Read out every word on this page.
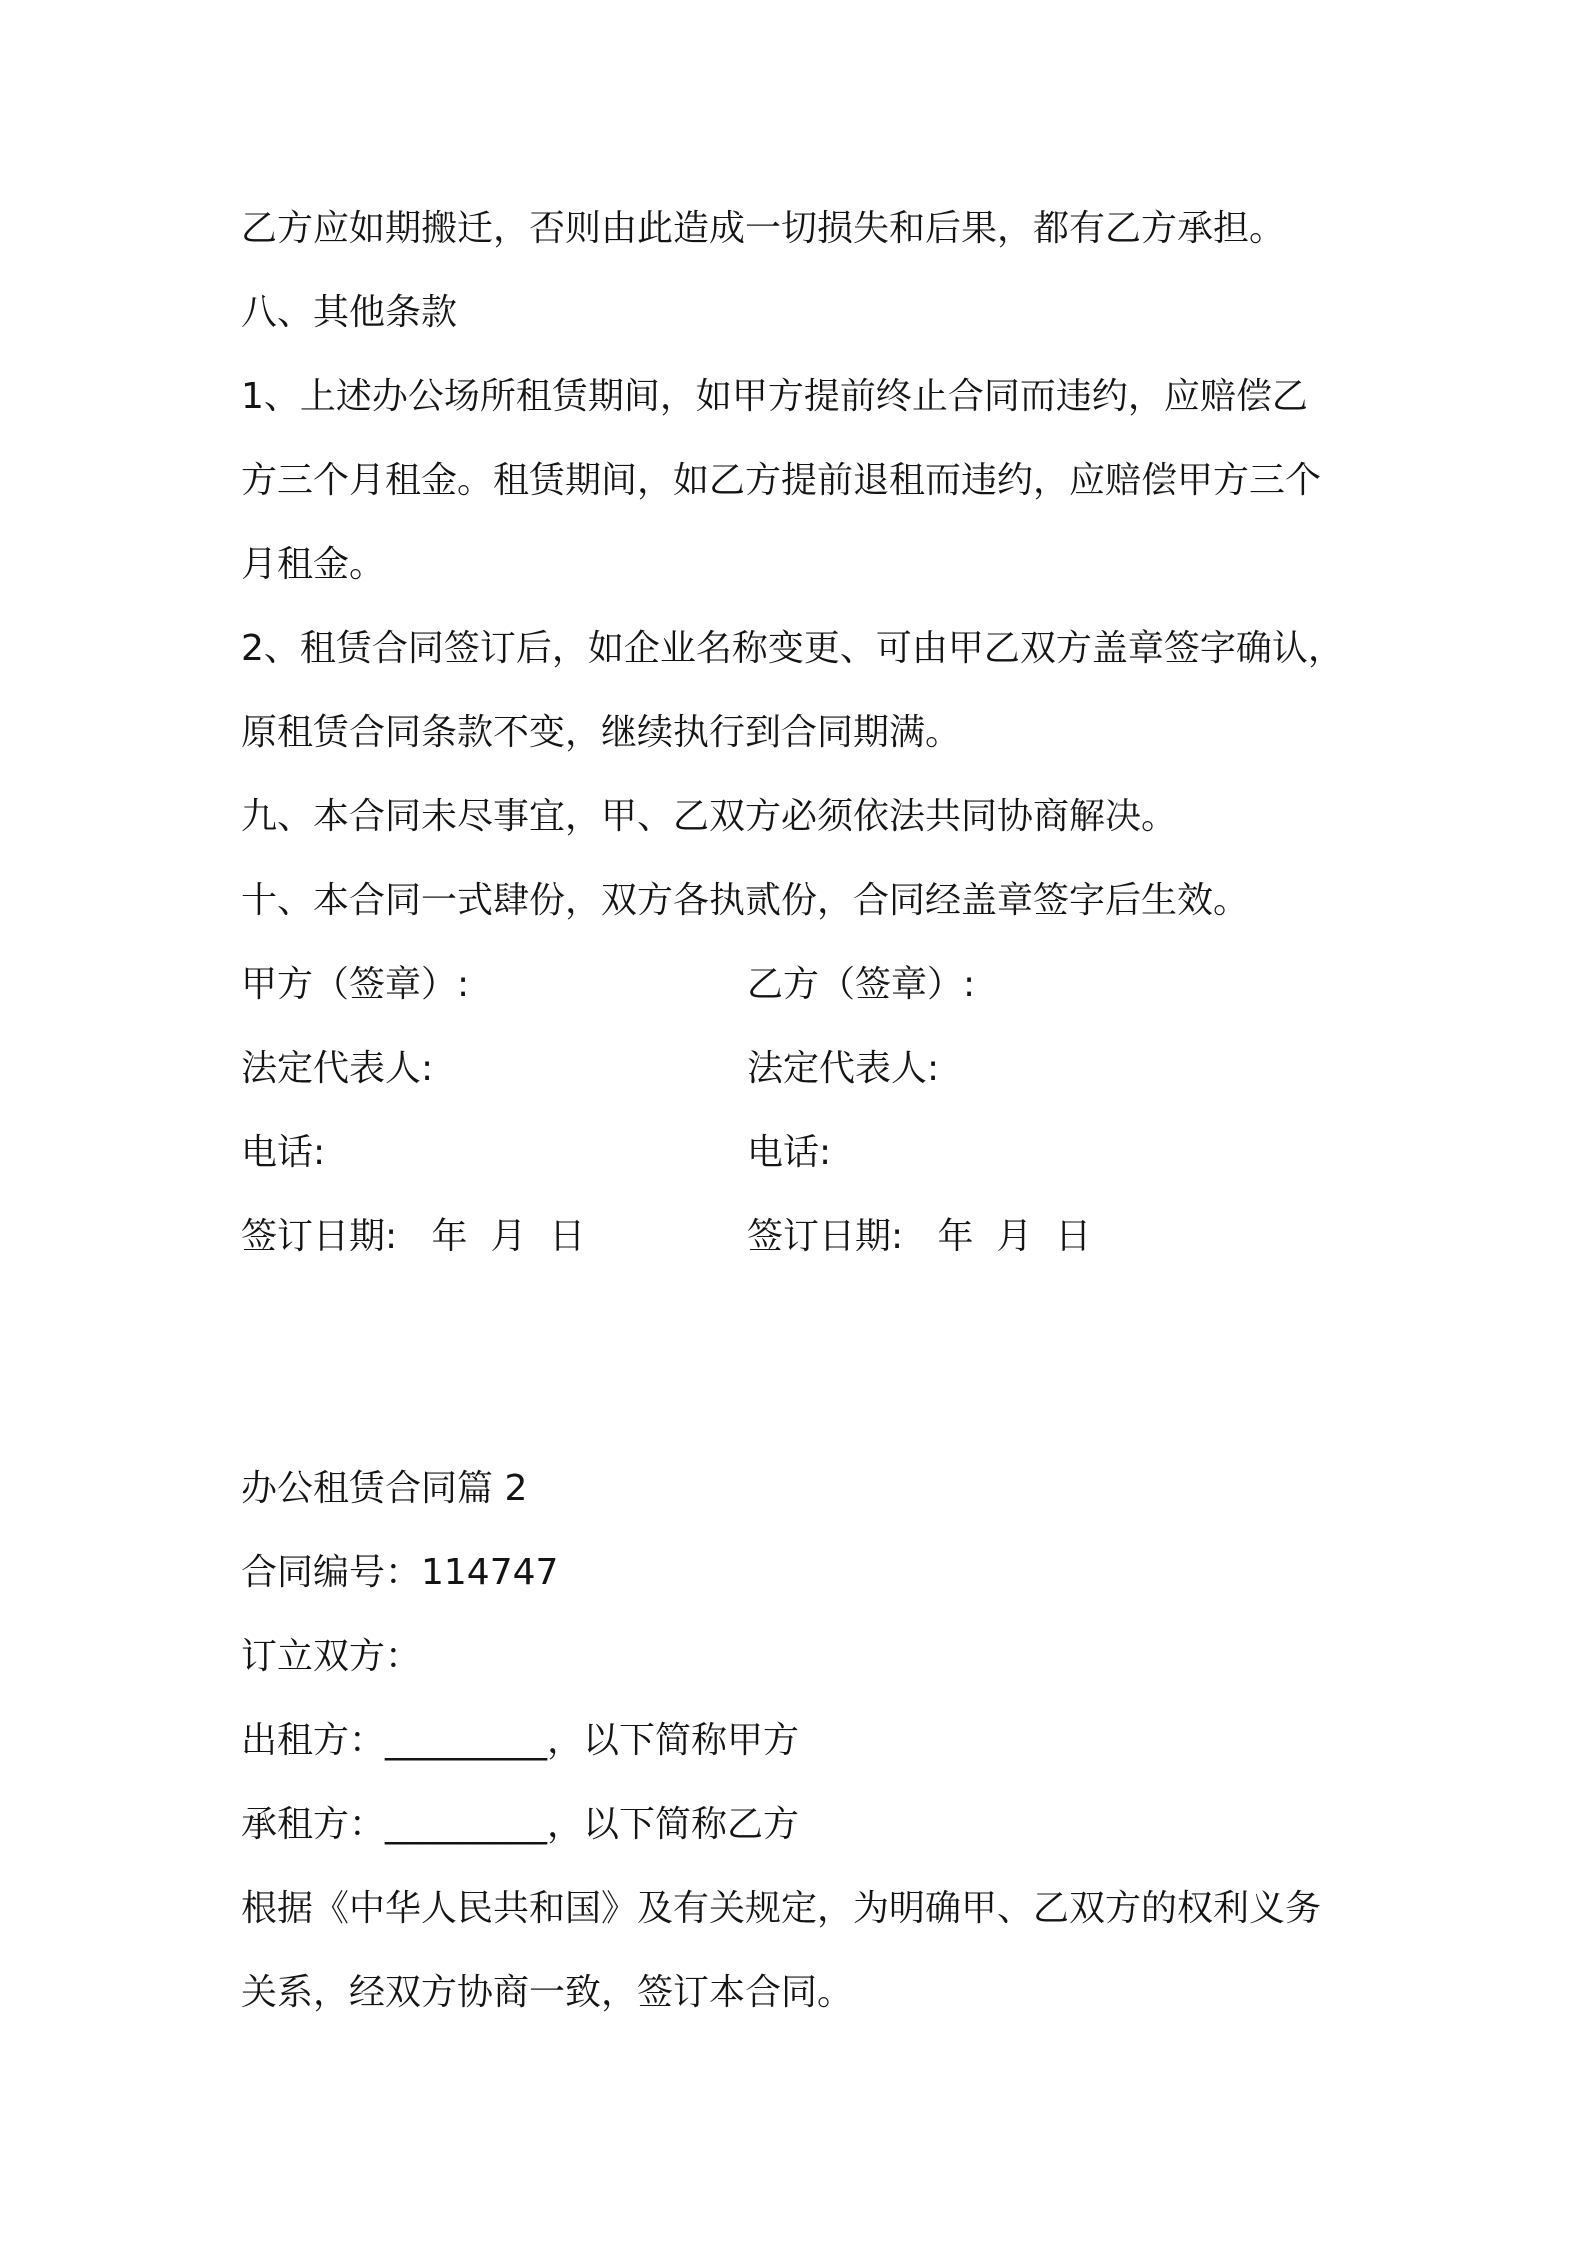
乙方应如期搬迁，否则由此造成一切损失和后果，都有乙方承担。
八、其他条款
1、上述办公场所租赁期间，如甲方提前终止合同而违约，应赔偿乙
方三个月租金。租赁期间，如乙方提前退租而违约，应赔偿甲方三个
月租金。
2、租赁合同签订后，如企业名称变更、可由甲乙双方盖章签字确认，
原租赁合同条款不变，继续执行到合同期满。
九、本合同未尽事宜，甲、乙双方必须依法共同协商解决。
十、本合同一式肆份，双方各执贰份，合同经盖章签字后生效。
甲方（签章）:	乙方（签章）:
法定代表人:	法定代表人:
电话:	电话:
签订日期:   年  月  日	签订日期:   年  月  日
办公租赁合同篇 2
合同编号：114747
订立双方：
出租方：_________，以下简称甲方
承租方：_________，以下简称乙方
根据《中华人民共和国》及有关规定，为明确甲、乙双方的权利义务
关系，经双方协商一致，签订本合同。
